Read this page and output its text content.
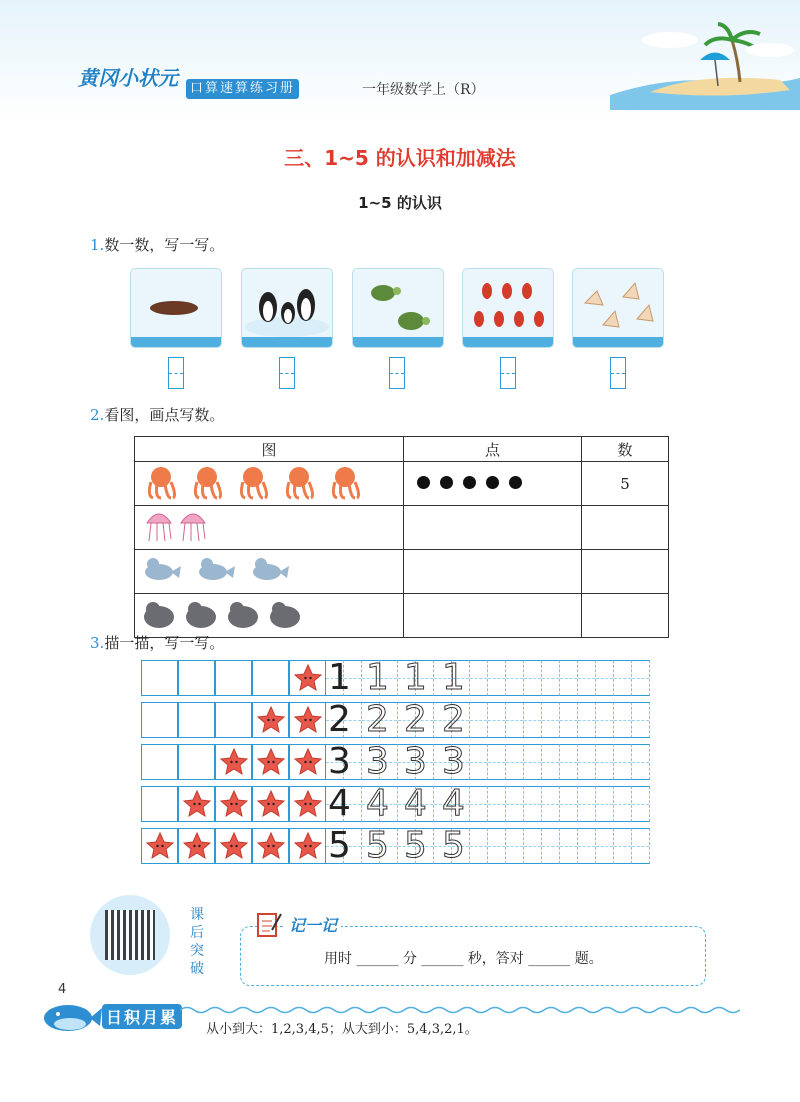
黄冈小状元 口算速算练习册	一年级数学上（R）
三、1~5 的认识和加减法
1~5 的认识
1.数一数，写一写。
2.看图，画点写数。
图	点	数
		5

3.描一描，写一写。
1 1 1 1
2 2 2 2
3 3 3 3
4 4 4 4
5 5 5 5
课后突破
记一记
用时 ______ 分 ______ 秒，答对 ______ 题。
4
日积月累
从小到大：1,2,3,4,5；从大到小：5,4,3,2,1。
